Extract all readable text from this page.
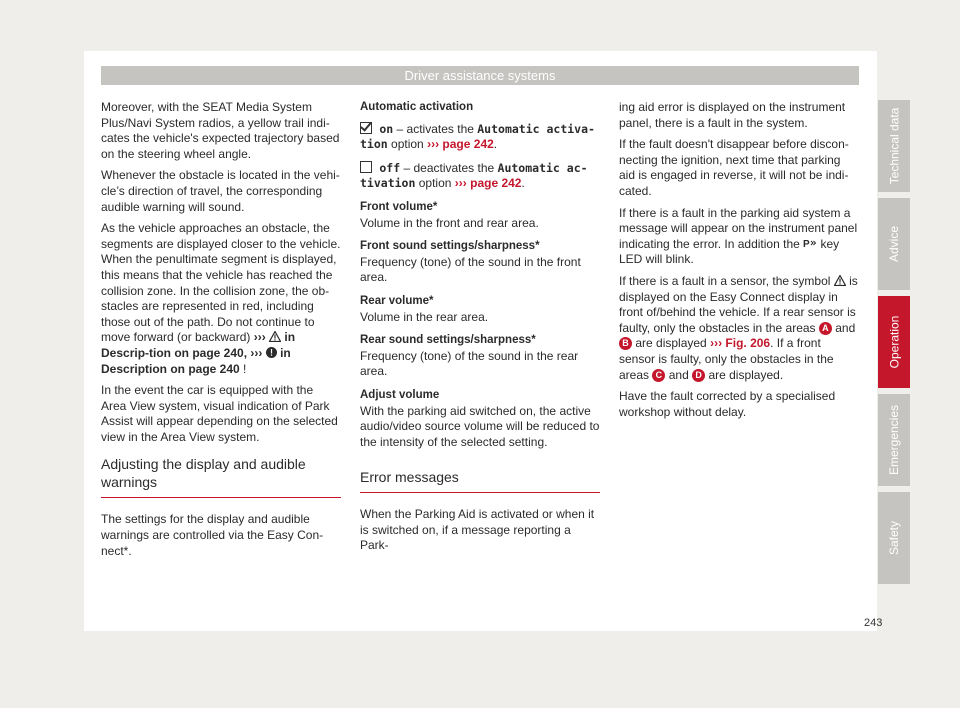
Driver assistance systems

Moreover, with the SEAT Media System Plus/Navi System radios, a yellow trail indi-cates the vehicle's expected trajectory based on the steering wheel angle.

Whenever the obstacle is located in the vehi-cle’s direction of travel, the corresponding audible warning will sound.

As the vehicle approaches an obstacle, the segments are displayed closer to the vehicle. When the penultimate segment is displayed, this means that the vehicle has reached the collision zone. In the collision zone, the ob-stacles are represented in red, including those out of the path. Do not continue to move forward (or backward) ››› in Descrip-tion on page 240, ››› in Description on page 240 !

In the event the car is equipped with the Area View system, visual indication of Park Assist will appear depending on the selected view in the Area View system.

Adjusting the display and audible warnings

The settings for the display and audible warnings are controlled via the Easy Con-nect*.

Automatic activation
on – activates the Automatic activa-tion option ››› page 242.
off – deactivates the Automatic ac-tivation option ››› page 242.
Front volume*
Volume in the front and rear area.
Front sound settings/sharpness*
Frequency (tone) of the sound in the front area.
Rear volume*
Volume in the rear area.
Rear sound settings/sharpness*
Frequency (tone) of the sound in the rear area.
Adjust volume
With the parking aid switched on, the active audio/video source volume will be reduced to the intensity of the selected setting.
Error messages

When the Parking Aid is activated or when it is switched on, if a message reporting a Park-

ing aid error is displayed on the instrument panel, there is a fault in the system.

If the fault doesn't disappear before discon-necting the ignition, next time that parking aid is engaged in reverse, it will not be indi-cated.

If there is a fault in the parking aid system a message will appear on the instrument panel indicating the error. In addition the P key LED will blink.

If there is a fault in a sensor, the symbol is displayed on the Easy Connect display in front of/behind the vehicle. If a rear sensor is faulty, only the obstacles in the areas A and B are displayed ››› Fig. 206. If a front sensor is faulty, only the obstacles in the areas C and D are displayed.

Have the fault corrected by a specialised workshop without delay.

Technical data
Advice
Operation
Emergencies
Safety
243
